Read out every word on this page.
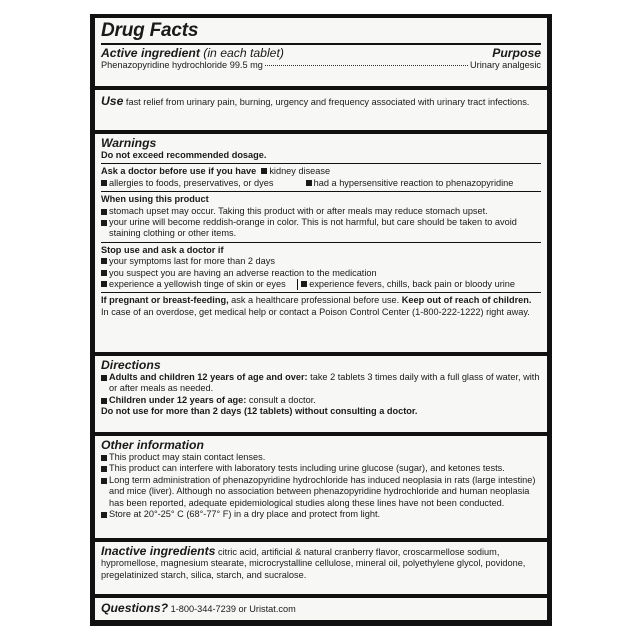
Drug Facts
Active ingredient (in each tablet)	Purpose
Phenazopyridine hydrochloride 99.5 mg	Urinary analgesic
Use fast relief from urinary pain, burning, urgency and frequency associated with urinary tract infections.
Warnings
Do not exceed recommended dosage.
Ask a doctor before use if you have kidney disease
allergies to foods, preservatives, or dyes	had a hypersensitive reaction to phenazopyridine
When using this product
stomach upset may occur. Taking this product with or after meals may reduce stomach upset.
your urine will become reddish-orange in color. This is not harmful, but care should be taken to avoid staining clothing or other items.
Stop use and ask a doctor if
your symptoms last for more than 2 days
you suspect you are having an adverse reaction to the medication
experience a yellowish tinge of skin or eyes	experience fevers, chills, back pain or bloody urine
If pregnant or breast-feeding, ask a healthcare professional before use. Keep out of reach of children.
In case of an overdose, get medical help or contact a Poison Control Center (1-800-222-1222) right away.
Directions
Adults and children 12 years of age and over: take 2 tablets 3 times daily with a full glass of water, with or after meals as needed.
Children under 12 years of age: consult a doctor.
Do not use for more than 2 days (12 tablets) without consulting a doctor.
Other information
This product may stain contact lenses.
This product can interfere with laboratory tests including urine glucose (sugar), and ketones tests.
Long term administration of phenazopyridine hydrochloride has induced neoplasia in rats (large intestine) and mice (liver). Although no association between phenazopyridine hydrochloride and human neoplasia has been reported, adequate epidemiological studies along these lines have not been conducted.
Store at 20°-25° C (68°-77° F) in a dry place and protect from light.
Inactive ingredients citric acid, artificial & natural cranberry flavor, croscarmellose sodium, hypromellose, magnesium stearate, microcrystalline cellulose, mineral oil, polyethylene glycol, povidone, pregelatinized starch, silica, starch, and sucralose.
Questions? 1-800-344-7239 or Uristat.com
